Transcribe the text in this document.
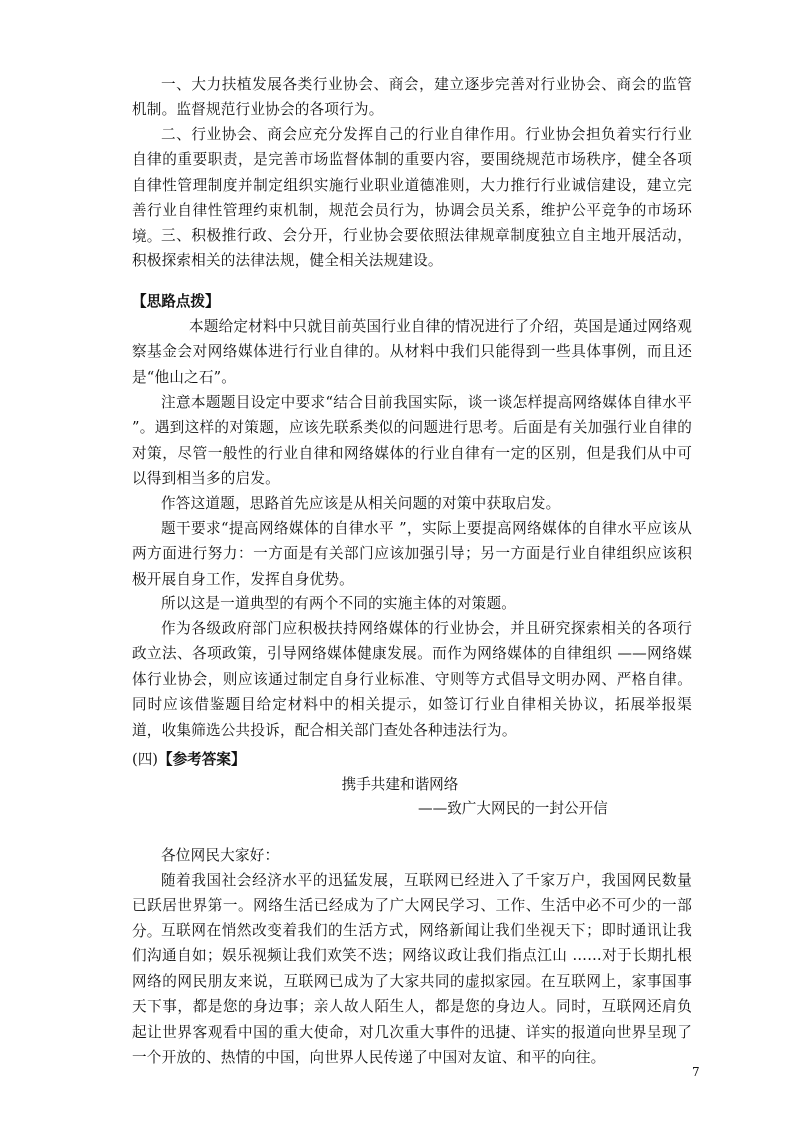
一、大力扶植发展各类行业协会、商会，建立逐步完善对行业协会、商会的监管机制。监督规范行业协会的各项行为。

二、行业协会、商会应充分发挥自己的行业自律作用。行业协会担负着实行行业自律的重要职责，是完善市场监督体制的重要内容，要围绕规范市场秩序，健全各项自律性管理制度并制定组织实施行业职业道德准则，大力推行行业诚信建设，建立完善行业自律性管理约束机制，规范会员行为，协调会员关系，维护公平竞争的市场环境。 三、积极推行政、会分开，行业协会要依照法律规章制度独立自主地开展活动，积极探索相关的法律法规，健全相关法规建设。

【思路点拨】

本题给定材料中只就目前英国行业自律的情况进行了介绍，英国是通过网络观察基金会对网络媒体进行行业自律的。从材料中我们只能得到一些具体事例，而且还是“他山之石”。

注意本题题目设定中要求“结合目前我国实际，谈一谈怎样提高网络媒体自律水平 ”。遇到这样的对策题，应该先联系类似的问题进行思考。后面是有关加强行业自律的对策，尽管一般性的行业自律和网络媒体的行业自律有一定的区别，但是我们从中可以得到相当多的启发。

作答这道题，思路首先应该是从相关问题的对策中获取启发。

题干要求“提高网络媒体的自律水平 ”，实际上要提高网络媒体的自律水平应该从两方面进行努力：一方面是有关部门应该加强引导；另一方面是行业自律组织应该积极开展自身工作，发挥自身优势。

所以这是一道典型的有两个不同的实施主体的对策题。

作为各级政府部门应积极扶持网络媒体的行业协会，并且研究探索相关的各项行政立法、各项政策，引导网络媒体健康发展。而作为网络媒体的自律组织 ——网络媒体行业协会，则应该通过制定自身行业标准、守则等方式倡导文明办网、严格自律。同时应该借鉴题目给定材料中的相关提示，如签订行业自律相关协议，拓展举报渠道，收集筛选公共投诉，配合相关部门查处各种违法行为。

(四)【参考答案】

携手共建和谐网络

——致广大网民的一封公开信

各位网民大家好：

随着我国社会经济水平的迅猛发展，互联网已经进入了千家万户，我国网民数量已跃居世界第一。网络生活已经成为了广大网民学习、工作、生活中必不可少的一部分。 互联网在悄然改变着我们的生活方式，网络新闻让我们坐视天下；即时通讯让我们沟通自如；娱乐视频让我们欢笑不迭；网络议政让我们指点江山 ……对于长期扎根网络的网民朋友来说，互联网已成为了大家共同的虚拟家园。在互联网上，家事国事天下事，都是您的身边事；亲人故人陌生人，都是您的身边人。同时，互联网还肩负起让世界客观看中国的重大使命，对几次重大事件的迅捷、详实的报道向世界呈现了一个开放的、热情的中国，向世界人民传递了中国对友谊、和平的向往。

7
